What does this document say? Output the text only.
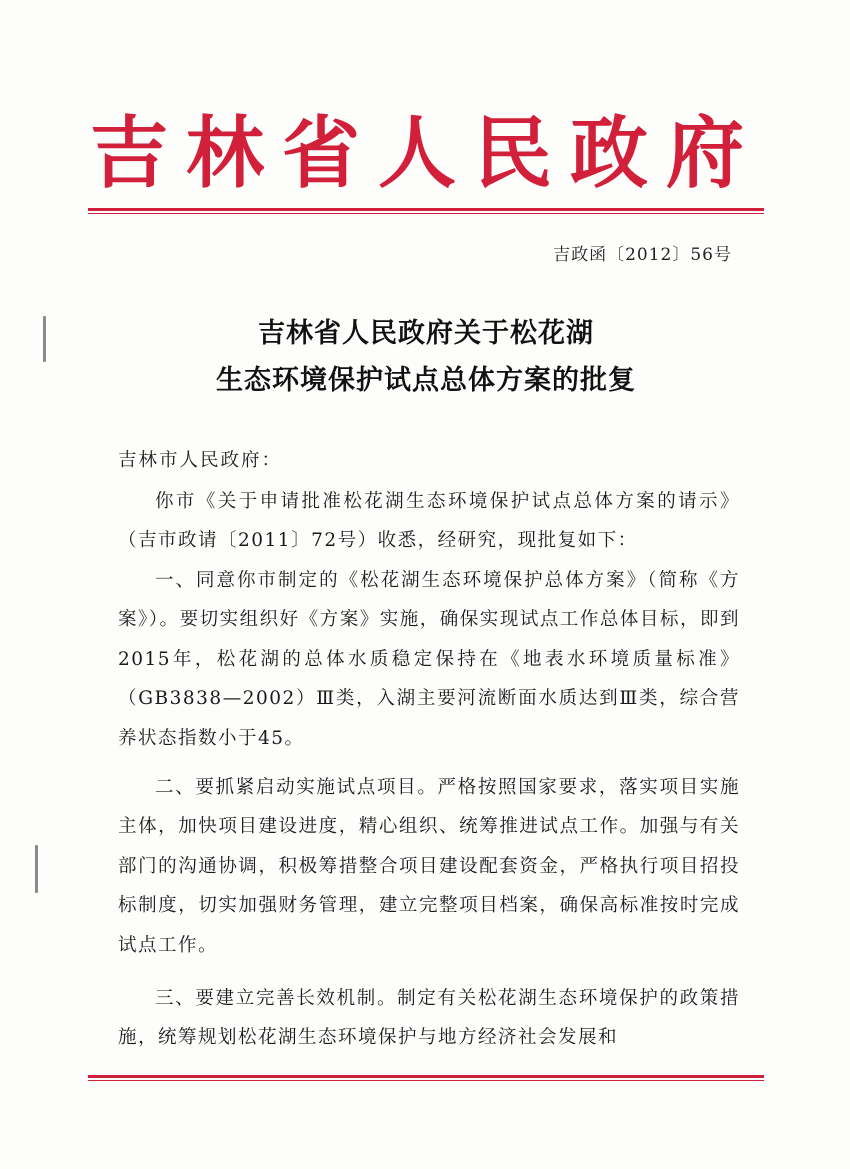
吉林省人民政府
吉政函〔2012〕56号
吉林省人民政府关于松花湖
生态环境保护试点总体方案的批复
吉林市人民政府：
你市《关于申请批准松花湖生态环境保护试点总体方案的请示》（吉市政请〔2011〕72号）收悉，经研究，现批复如下：
一、同意你市制定的《松花湖生态环境保护总体方案》（简称《方案》）。要切实组织好《方案》实施，确保实现试点工作总体目标，即到2015年，松花湖的总体水质稳定保持在《地表水环境质量标准》（GB3838—2002）Ⅲ类，入湖主要河流断面水质达到Ⅲ类，综合营养状态指数小于45。
二、要抓紧启动实施试点项目。严格按照国家要求，落实项目实施主体，加快项目建设进度，精心组织、统筹推进试点工作。加强与有关部门的沟通协调，积极筹措整合项目建设配套资金，严格执行项目招投标制度，切实加强财务管理，建立完整项目档案，确保高标准按时完成试点工作。
三、要建立完善长效机制。制定有关松花湖生态环境保护的政策措施，统筹规划松花湖生态环境保护与地方经济社会发展和
